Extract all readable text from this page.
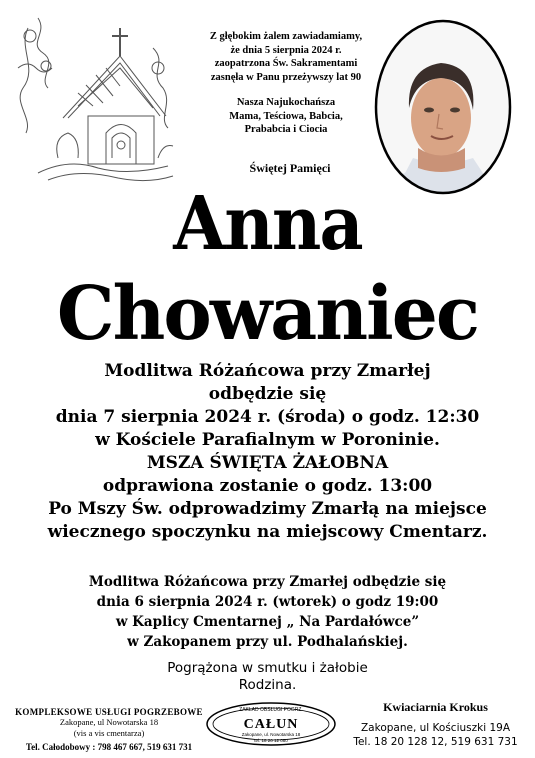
Z głębokim żalem zawiadamiamy,
że dnia 5 sierpnia 2024 r.
zaopatrzona Św. Sakramentami
zasnęła w Panu przeżywszy lat 90
Nasza Najukochańsza
Mama, Teściowa, Babcia,
Prababcia i Ciocia
Świętej Pamięci
Anna
Chowaniec
Modlitwa Różańcowa przy Zmarłej
odbędzie się
dnia 7 sierpnia 2024 r. (środa) o godz. 12:30
w Kościele Parafialnym w Poroninie.
MSZA ŚWIĘTA ŻAŁOBNA
odprawiona zostanie o godz. 13:00
Po Mszy Św. odprowadzimy Zmarłą na miejsce
wiecznego spoczynku na miejscowy Cmentarz.
Modlitwa Różańcowa przy Zmarłej odbędzie się
dnia 6 sierpnia 2024 r. (wtorek) o godz 19:00
w Kaplicy Cmentarnej „ Na Pardałówce”
w Zakopanem przy ul. Podhalańskiej.
Pogrążona w smutku i żałobie
Rodzina.
KOMPLEKSOWE USŁUGI POGRZEBOWE
Zakopane, ul Nowotarska 18
(vis a vis cmentarza)
Tel. Całodobowy : 798 467 667, 519 631 731
ZAKŁAD OBSŁUGI POGRZ.
CAŁUN
Zakopane, ul. Nowotarska 18
tel. 18 20 12 080
Kwiaciarnia Krokus
Zakopane, ul Kościuszki 19A
Tel. 18 20 128 12, 519 631 731
